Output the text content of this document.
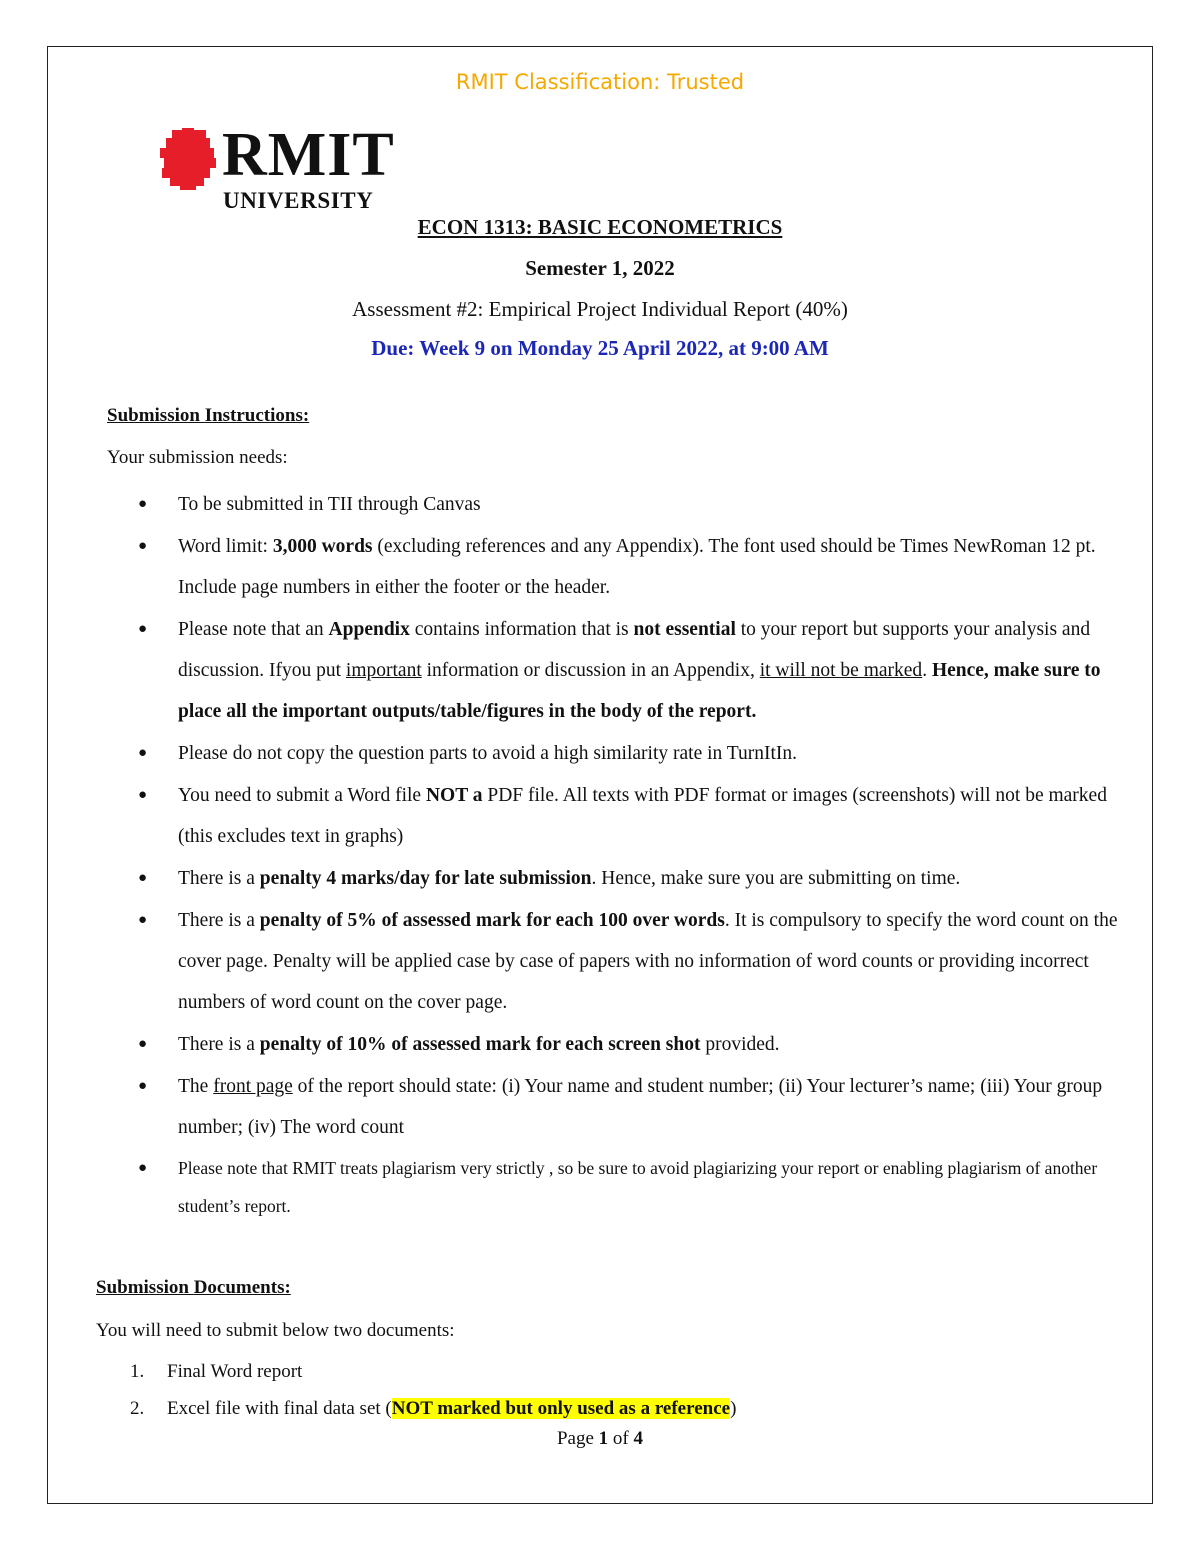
RMIT Classification: Trusted
RMIT
UNIVERSITY
ECON 1313: BASIC ECONOMETRICS
Semester 1, 2022
Assessment #2: Empirical Project Individual Report (40%)
Due: Week 9 on Monday 25 April 2022, at 9:00 AM
Submission Instructions:
Your submission needs:
● To be submitted in TII through Canvas
● Word limit: 3,000 words (excluding references and any Appendix). The font used should be Times NewRoman 12 pt. Include page numbers in either the footer or the header.
● Please note that an Appendix contains information that is not essential to your report but supports your analysis and discussion. Ifyou put important information or discussion in an Appendix, it will not be marked. Hence, make sure to place all the important outputs/table/figures in the body of the report.
● Please do not copy the question parts to avoid a high similarity rate in TurnItIn.
● You need to submit a Word file NOT a PDF file. All texts with PDF format or images (screenshots) will not be marked (this excludes text in graphs)
● There is a penalty 4 marks/day for late submission. Hence, make sure you are submitting on time.
● There is a penalty of 5% of assessed mark for each 100 over words. It is compulsory to specify the word count on the cover page. Penalty will be applied case by case of papers with no information of word counts or providing incorrect numbers of word count on the cover page.
● There is a penalty of 10% of assessed mark for each screen shot provided.
● The front page of the report should state: (i) Your name and student number; (ii) Your lecturer’s name; (iii) Your group number; (iv) The word count
● Please note that RMIT treats plagiarism very strictly , so be sure to avoid plagiarizing your report or enabling plagiarism of another student’s report.
Submission Documents:
You will need to submit below two documents:
1. Final Word report
2. Excel file with final data set (NOT marked but only used as a reference)
Page 1 of 4
